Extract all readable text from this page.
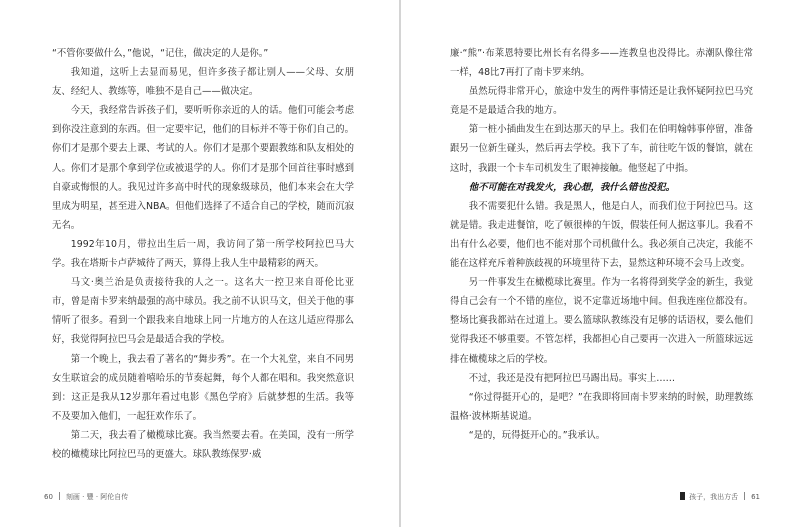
“不管你要做什么，”他说，“记住，做决定的人是你。”

我知道，这听上去显而易见，但许多孩子都让别人——父母、女朋友、经纪人、教练等，唯独不是自己——做决定。

今天，我经常告诉孩子们，要听听你亲近的人的话。他们可能会考虑到你没注意到的东西。但一定要牢记，他们的目标并不等于你们自己的。你们才是那个要去上课、考试的人。你们才是那个要跟教练和队友相处的人。你们才是那个拿到学位或被退学的人。你们才是那个回首往事时感到自豪或悔恨的人。我见过许多高中时代的现象级球员，他们本来会在大学里成为明星，甚至进入NBA。但他们选择了不适合自己的学校，随而沉寂无名。

1992年10月，带拉出生后一周，我访问了第一所学校阿拉巴马大学。我在塔斯卡卢萨城待了两天，算得上我人生中最精彩的两天。

马文·奥兰治是负责接待我的人之一。这名大一控卫来自哥伦比亚市，曾是南卡罗来纳最强的高中球员。我之前不认识马文，但关于他的事情听了很多。看到一个跟我来自地球上同一片地方的人在这儿适应得那么好，我觉得阿拉巴马会是最适合我的学校。

第一个晚上，我去看了著名的“舞步秀”。在一个大礼堂，来自不同男女生联谊会的成员随着嘻哈乐的节奏起舞，每个人都在唱和。我突然意识到：这正是我从12岁那年看过电影《黑色学府》后就梦想的生活。我等不及要加入他们，一起狂欢作乐了。

第二天，我去看了橄榄球比赛。我当然要去看。在美国，没有一所学校的橄榄球比阿拉巴马的更盛大。球队教练保罗·威

60 刻画 · 豐 · 阿伦自传

廉·“熊”·布莱恩特要比州长有名得多——连教皇也没得比。赤潮队像往常一样，48比7再打了南卡罗来纳。

虽然玩得非常开心，旅途中发生的两件事情还是让我怀疑阿拉巴马究竟是不是最适合我的地方。

第一桩小插曲发生在到达那天的早上。我们在伯明翰韩事停留，准备跟另一位新生碰头，然后再去学校。我下了车，前往吃午饭的餐馆，就在这时，我跟一个卡车司机发生了眼神接触。他竖起了中指。

他不可能在对我发火，我心想，我什么错也没犯。

我不需要犯什么错。我是黑人，他是白人，而我们位于阿拉巴马。这就是错。我走进餐馆，吃了顿很棒的午饭，假装任何人据这事儿。我看不出有什么必要，他们也不能对那个司机做什么。我必须自己决定，我能不能在这样充斥着种族歧视的环境里待下去，显然这种环境不会马上改变。

另一件事发生在橄榄球比赛里。作为一名将得到奖学金的新生，我觉得自己会有一个不错的座位，说不定靠近场地中间。但我连座位都没有。整场比赛我都站在过道上。要么篮球队教练没有足够的话语权，要么他们觉得我还不够重要。不管怎样，我都担心自己要再一次进入一所篮球远远排在橄榄球之后的学校。

不过，我还是没有把阿拉巴马踢出局。事实上……

“你过得挺开心的，是吧？”在我即将回南卡罗来纳的时候，助理教练温格·波林斯基说道。

“是的，玩得挺开心的。”我承认。

孩子，我出方舌 61
